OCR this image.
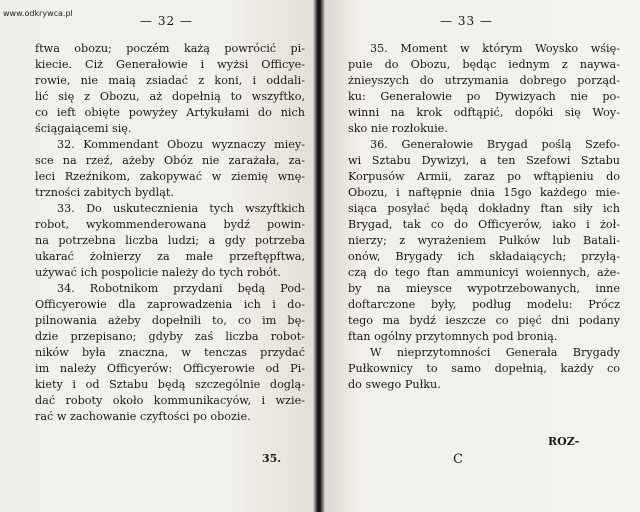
www.odkrywca.pl
— 32 —	— 33 —
ftwa obozu; poczém każą powrócić pi-
kiecie. Ciż Generałowie i wyżsi Officye-
rowie, nie maią zsiadać z koni, i oddali-
lić się z Obozu, aż dopełnią to wszyftko,
co ieft obięte powyżey Artykułami do nich
ściągaiącemi się.
32. Kommendant Obozu wyznaczy miey-
sce na rzeź, ażeby Obóz nie zarażała, za-
leci Rzeźnikom, zakopywać w ziemię wnę-
trzności zabitych bydląt.
33. Do uskutecznienia tych wszyftkich
robot, wykommenderowana bydź powin-
na potrzebna liczba ludzi; a gdy potrzeba
ukarać żołnierzy za małe przeftępftwa,
używać ich pospolicie należy do tych robót.
34. Robotnikom przydani będą Pod-
Officyerowie dla zaprowadzenia ich i do-
pilnowania ażeby dopełnili to, co im bę-
dzie przepisano; gdyby zaś liczba robot-
ników była znaczna, w tenczas przydać
im należy Officyerów: Officyerowie od Pi-
kiety i od Sztabu będą szczególnie doglą-
dać roboty około kommunikacyów, i wzie-
rać w zachowanie czyftości po obozie.
35. Moment w którym Woysko wśię-
puie do Obozu, będąc iednym z naywa-
żnieyszych do utrzymania dobrego porząd-
ku: Generałowie po Dywizyach nie po-
winni na krok odftąpić, dopóki się Woy-
sko nie rozłokuie.
36. Generałowie Brygad poślą Szefo-
wi Sztabu Dywizyi, a ten Szefowi Sztabu
Korpusów Armii, zaraz po wftąpieniu do
Obozu, i naftępnie dnia 15go każdego mie-
siąca posyłać będą dokładny ftan siły ich
Brygad, tak co do Officyerów, iako i żoł-
nierzy; z wyrażeniem Pułków lub Batali-
onów, Brygady ich składaiących; przyłą-
czą do tego ftan ammunicyi woiennych, aże-
by na mieysce wypotrzebowanych, inne
doftarczone były, podług modelu: Prócz
tego ma bydź ieszcze co pięć dni podany
ftan ogólny przytomnych pod bronią.
W nieprzytomności Generała Brygady
Pułkownicy to samo dopełnią, każdy co
do swego Pułku.
35.	C
ROZ-
